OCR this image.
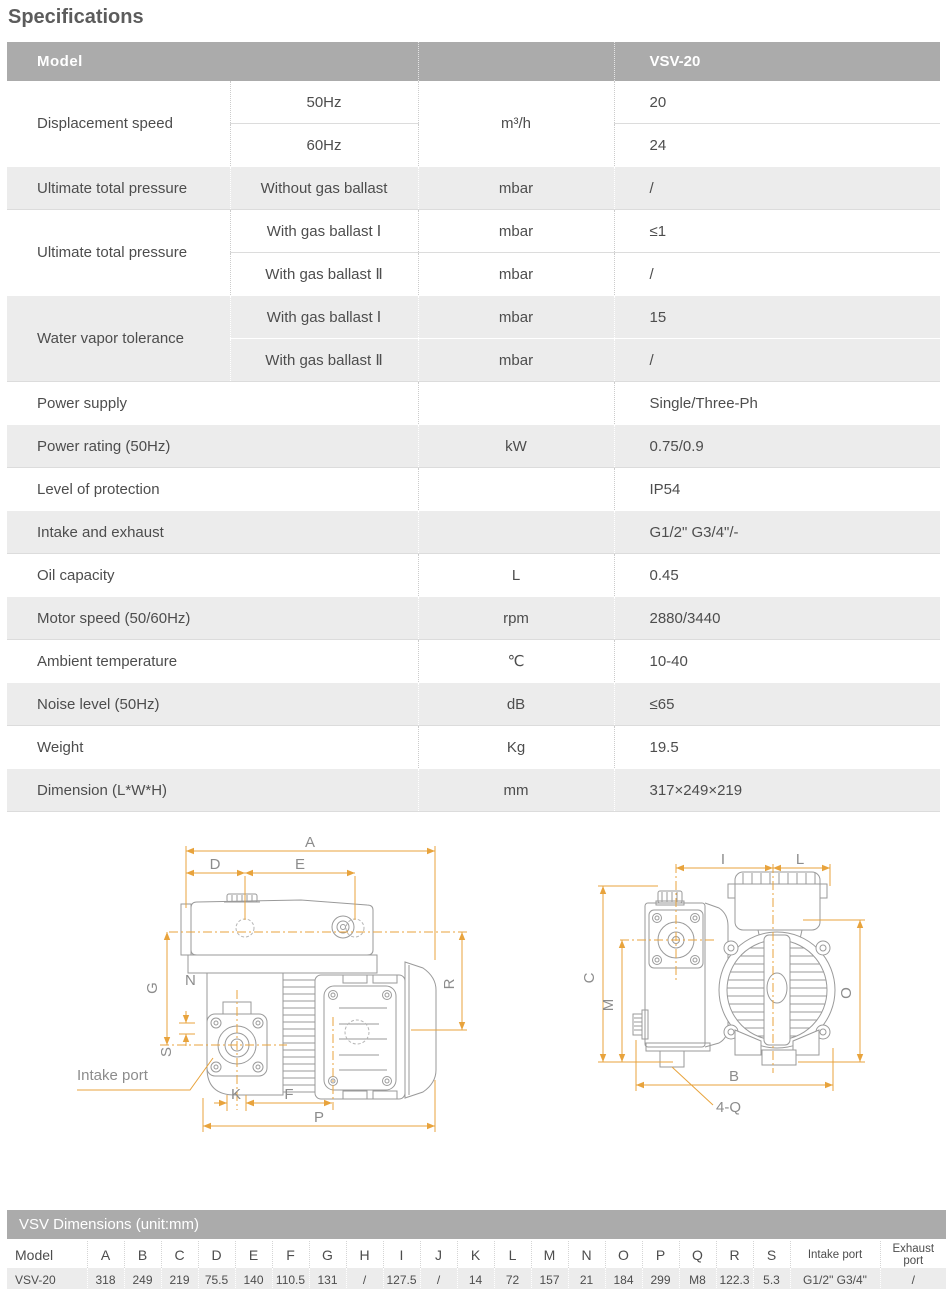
Specifications
Model			VSV-20
Displacement speed	50Hz	m³/h	20
	60Hz		24
Ultimate total pressure	Without gas ballast	mbar	/
Ultimate total pressure	With gas ballast Ⅰ	mbar	≤1
	With gas ballast Ⅱ	mbar	/
Water vapor tolerance	With gas ballast Ⅰ	mbar	15
	With gas ballast Ⅱ	mbar	/
Power supply			Single/Three-Ph
Power rating (50Hz)		kW	0.75/0.9
Level of protection			IP54
Intake and exhaust			G1/2" G3/4"/-
Oil capacity		L	0.45
Motor speed (50/60Hz)		rpm	2880/3440
Ambient temperature		℃	10-40
Noise level (50Hz)		dB	≤65
Weight		Kg	19.5
Dimension (L*W*H)		mm	317×249×219
A
D	E
G N
S
R
K	F
P
Intake port
I	L
C
M
O
B
4-Q
VSV Dimensions (unit:mm)
Model	A	B	C	D	E	F	G	H	I	J	K	L	M	N	O	P	Q	R	S	Intake port	Exhaust port
VSV-20	318	249	219	75.5	140	110.5	131	/	127.5	/	14	72	157	21	184	299	M8	122.3	5.3	G1/2" G3/4"	/
